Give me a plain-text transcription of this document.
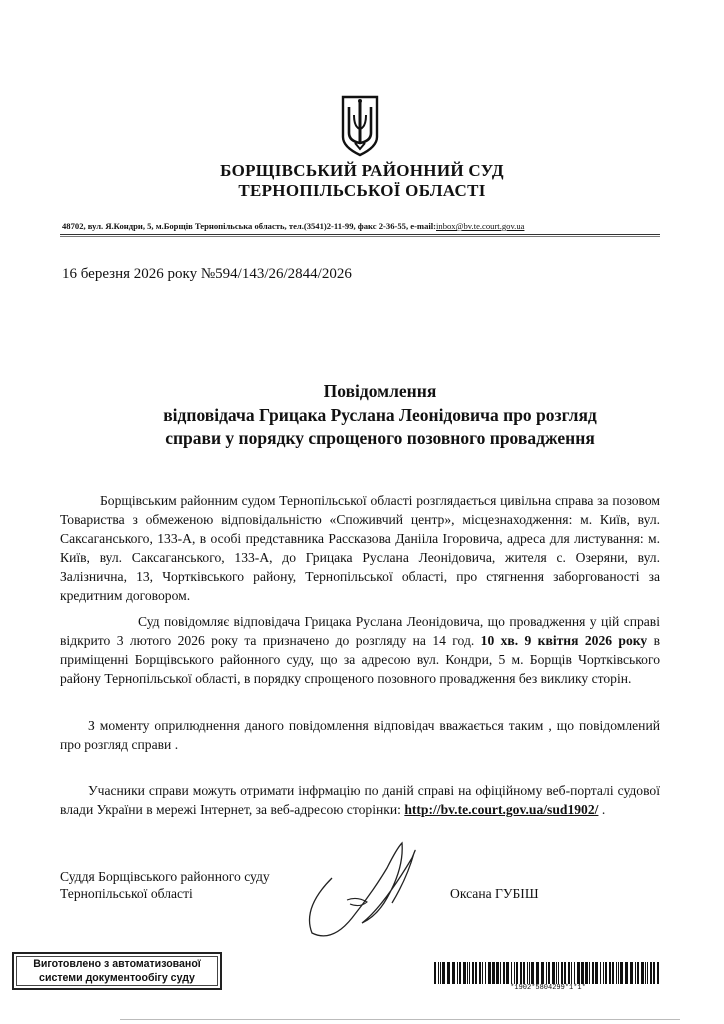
БОРЩІВСЬКИЙ РАЙОННИЙ СУД
ТЕРНОПІЛЬСЬКОЇ ОБЛАСТІ
48702, вул. Я.Кондри, 5, м.Борщів Тернопільська область, тел.(3541)2-11-99, факс 2-36-55, e-mail:inbox@bv.te.court.gov.ua
16 березня 2026 року №594/143/26/2844/2026
Повідомлення
відповідача Грицака Руслана Леонідовича про розгляд
справи у порядку спрощеного позовного провадження
Борщівським районним судом Тернопільської області розглядається цивільна справа за позовом Товариства з обмеженою відповідальністю «Споживчий центр», місцезнаходження: м. Київ, вул. Саксаганського, 133-А, в особі представника Рассказова Данііла Ігоровича, адреса для листування: м. Київ, вул. Саксаганського, 133-А, до Грицака Руслана Леонідовича, жителя с. Озеряни, вул. Залізнична, 13, Чортківського району, Тернопільської області, про стягнення заборгованості за кредитним договором.
Суд повідомляє відповідача Грицака Руслана Леонідовича, що провадження у цій справі відкрито 3 лютого 2026 року та призначено до розгляду на 14 год. 10 хв. 9 квітня 2026 року в приміщенні Борщівського районного суду, що за адресою вул. Кондри, 5 м. Борщів Чортківського району Тернопільської області, в порядку спрощеного позовного провадження без виклику сторін.
З моменту оприлюднення даного повідомлення відповідач вважається таким , що повідомлений про розгляд справи .
Учасники справи можуть отримати інфрмацію по даній справі на офіційному веб-порталі судової влади України в мережі Інтернет, за веб-адресою сторінки: http://bv.te.court.gov.ua/sud1902/ .
Суддя Борщівського районного суду
Тернопільської області	Оксана ГУБІШ
Виготовлено з автоматизованої
системи документообігу суду
*1902*5804299*1*1*
